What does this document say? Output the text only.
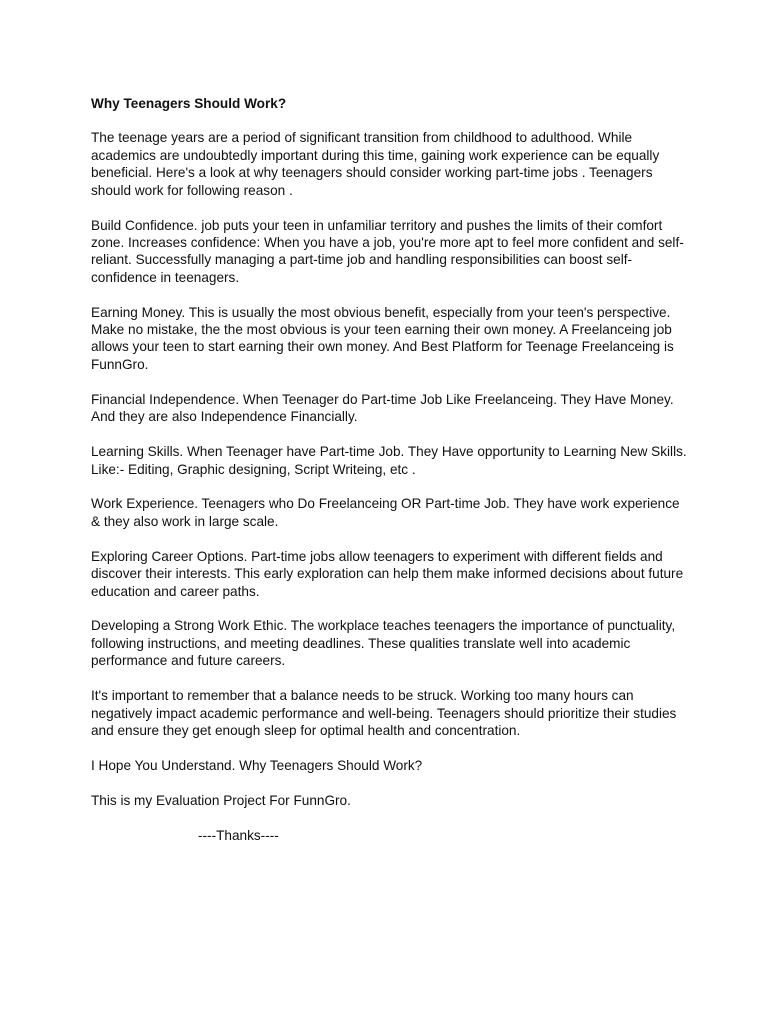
Why Teenagers Should Work?

The teenage years are a period of significant transition from childhood to adulthood. While academics are undoubtedly important during this time, gaining work experience can be equally beneficial. Here's a look at why teenagers should consider working part-time jobs . Teenagers should work for following reason .

Build Confidence. job puts your teen in unfamiliar territory and pushes the limits of their comfort zone. Increases confidence: When you have a job, you're more apt to feel more confident and self-reliant. Successfully managing a part-time job and handling responsibilities can boost self-confidence in teenagers.

Earning Money. This is usually the most obvious benefit, especially from your teen's perspective. Make no mistake, the the most obvious is your teen earning their own money. A Freelanceing job allows your teen to start earning their own money. And Best Platform for Teenage Freelanceing is FunnGro.

Financial Independence. When Teenager do Part-time Job Like Freelanceing. They Have Money. And they are also Independence Financially.

Learning Skills. When Teenager have Part-time Job. They Have opportunity to Learning New Skills. Like:- Editing, Graphic designing, Script Writeing, etc .

Work Experience. Teenagers who Do Freelanceing OR Part-time Job. They have work experience & they also work in large scale.

Exploring Career Options. Part-time jobs allow teenagers to experiment with different fields and discover their interests. This early exploration can help them make informed decisions about future education and career paths.

Developing a Strong Work Ethic. The workplace teaches teenagers the importance of punctuality, following instructions, and meeting deadlines. These qualities translate well into academic performance and future careers.

It's important to remember that a balance needs to be struck. Working too many hours can negatively impact academic performance and well-being. Teenagers should prioritize their studies and ensure they get enough sleep for optimal health and concentration.

I Hope You Understand. Why Teenagers Should Work?

This is my Evaluation Project For FunnGro.

----Thanks----
